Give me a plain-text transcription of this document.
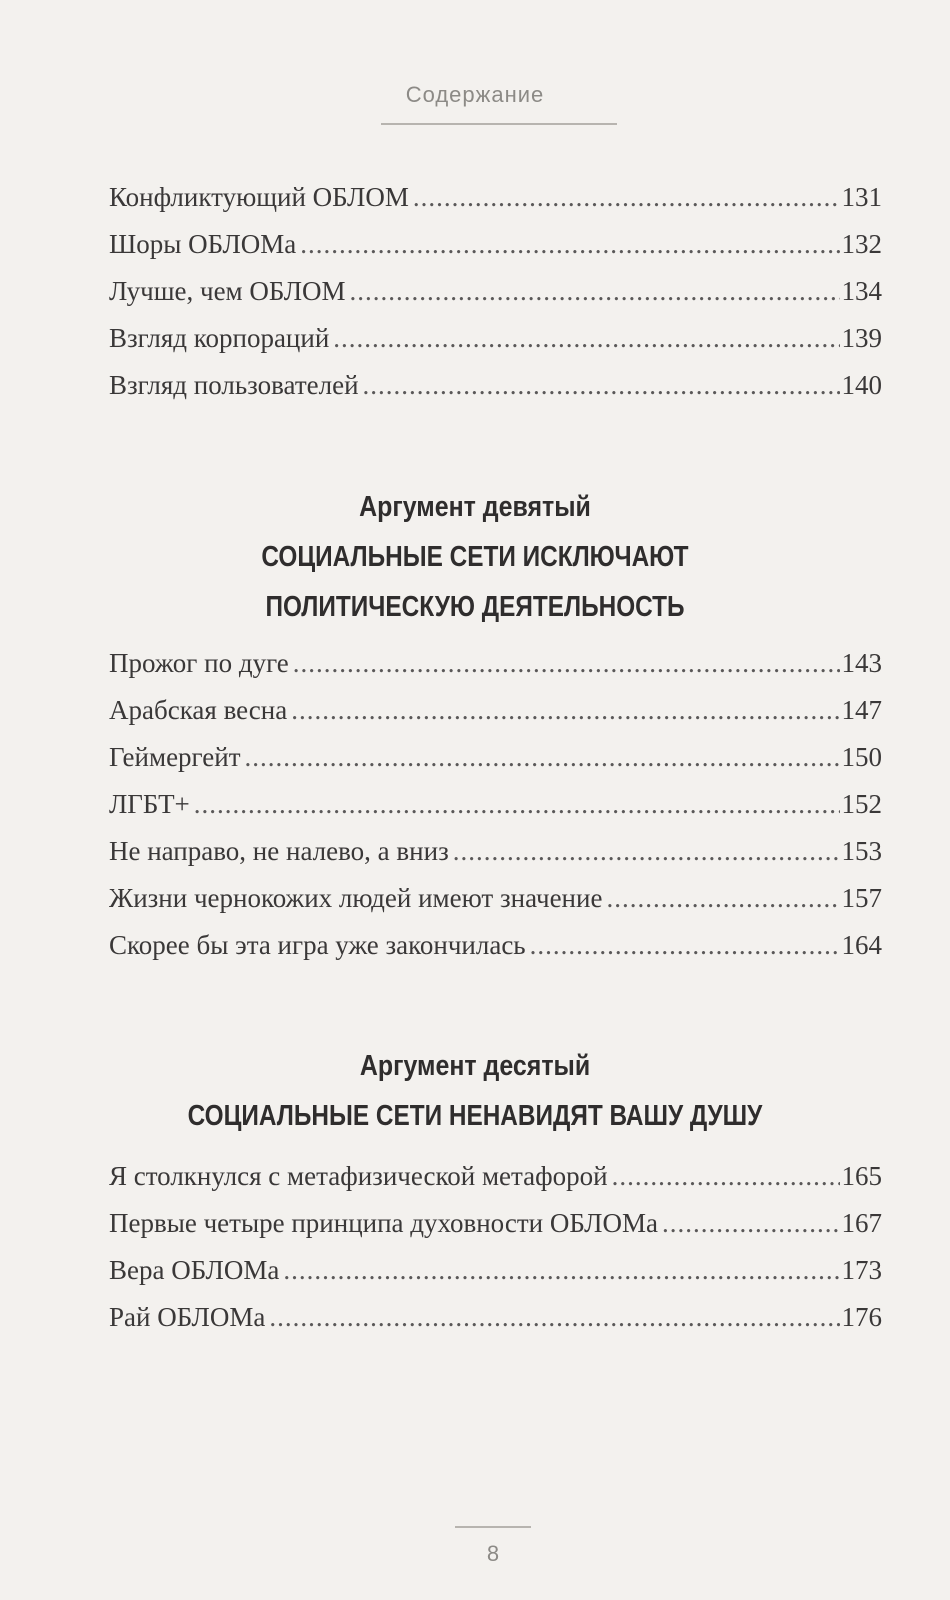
Содержание
Конфликтующий ОБЛОМ .....	131
Шоры ОБЛОМа .....	132
Лучше, чем ОБЛОМ .....	134
Взгляд корпораций .....	139
Взгляд пользователей .....	140
Аргумент девятый
СОЦИАЛЬНЫЕ СЕТИ ИСКЛЮЧАЮТ
ПОЛИТИЧЕСКУЮ ДЕЯТЕЛЬНОСТЬ
Прожог по дуге .....	143
Арабская весна .....	147
Геймергейт .....	150
ЛГБТ+ .....	152
Не направо, не налево, а вниз .....	153
Жизни чернокожих людей имеют значение .....	157
Скорее бы эта игра уже закончилась .....	164
Аргумент десятый
СОЦИАЛЬНЫЕ СЕТИ НЕНАВИДЯТ ВАШУ ДУШУ
Я столкнулся с метафизической метафорой .....	165
Первые четыре принципа духовности ОБЛОМа .....	167
Вера ОБЛОМа .....	173
Рай ОБЛОМа .....	176
8
